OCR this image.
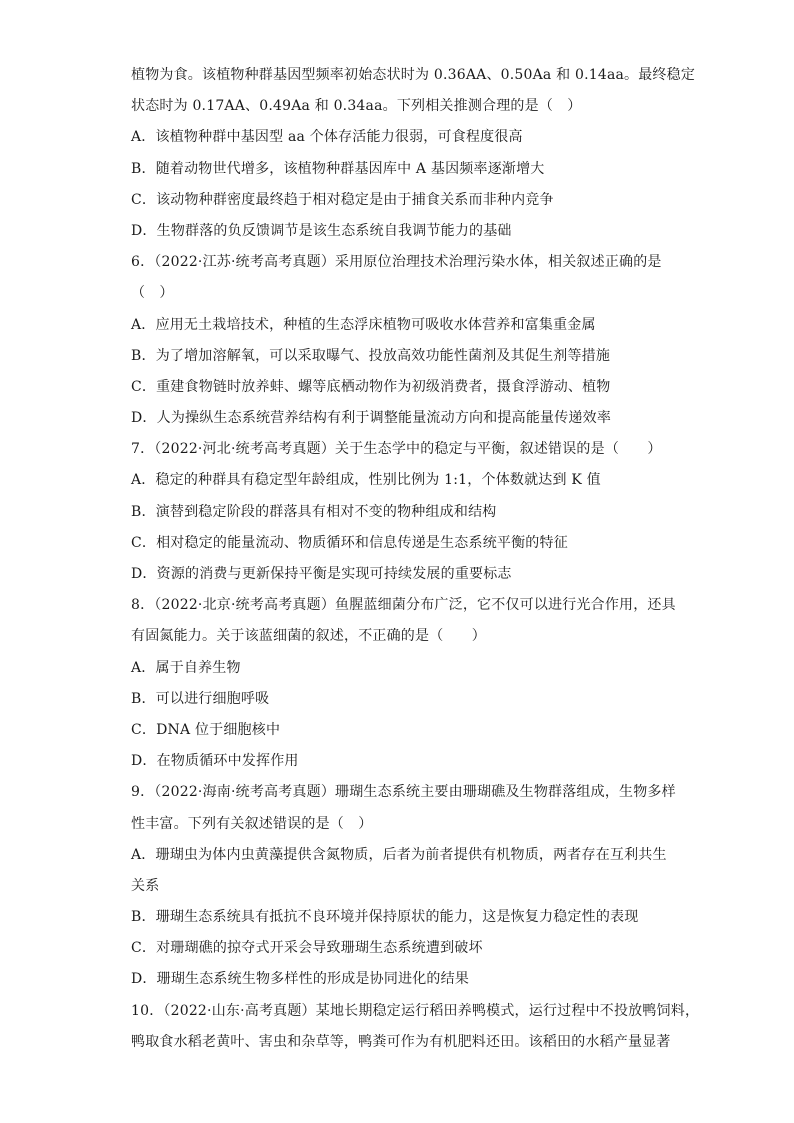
植物为食。该植物种群基因型频率初始态状时为 0.36AA、0.50Aa 和 0.14aa。最终稳定
状态时为 0.17AA、0.49Aa 和 0.34aa。下列相关推测合理的是（　）
A．该植物种群中基因型 aa 个体存活能力很弱，可食程度很高
B．随着动物世代增多，该植物种群基因库中 A 基因频率逐渐增大
C．该动物种群密度最终趋于相对稳定是由于捕食关系而非种内竞争
D．生物群落的负反馈调节是该生态系统自我调节能力的基础
6．（2022·江苏·统考高考真题）采用原位治理技术治理污染水体，相关叙述正确的是
（　）
A．应用无土栽培技术，种植的生态浮床植物可吸收水体营养和富集重金属
B．为了增加溶解氧，可以采取曝气、投放高效功能性菌剂及其促生剂等措施
C．重建食物链时放养蚌、螺等底栖动物作为初级消费者，摄食浮游动、植物
D．人为操纵生态系统营养结构有利于调整能量流动方向和提高能量传递效率
7．（2022·河北·统考高考真题）关于生态学中的稳定与平衡，叙述错误的是（　　）
A．稳定的种群具有稳定型年龄组成，性别比例为 1:1，个体数就达到 K 值
B．演替到稳定阶段的群落具有相对不变的物种组成和结构
C．相对稳定的能量流动、物质循环和信息传递是生态系统平衡的特征
D．资源的消费与更新保持平衡是实现可持续发展的重要标志
8．（2022·北京·统考高考真题）鱼腥蓝细菌分布广泛，它不仅可以进行光合作用，还具
有固氮能力。关于该蓝细菌的叙述，不正确的是（　　）
A．属于自养生物
B．可以进行细胞呼吸
C．DNA 位于细胞核中
D．在物质循环中发挥作用
9．（2022·海南·统考高考真题）珊瑚生态系统主要由珊瑚礁及生物群落组成，生物多样
性丰富。下列有关叙述错误的是（　）
A．珊瑚虫为体内虫黄藻提供含氮物质，后者为前者提供有机物质，两者存在互利共生
关系
B．珊瑚生态系统具有抵抗不良环境并保持原状的能力，这是恢复力稳定性的表现
C．对珊瑚礁的掠夺式开采会导致珊瑚生态系统遭到破坏
D．珊瑚生态系统生物多样性的形成是协同进化的结果
10．（2022·山东·高考真题）某地长期稳定运行稻田养鸭模式，运行过程中不投放鸭饲料，
鸭取食水稻老黄叶、害虫和杂草等，鸭粪可作为有机肥料还田。该稻田的水稻产量显著
